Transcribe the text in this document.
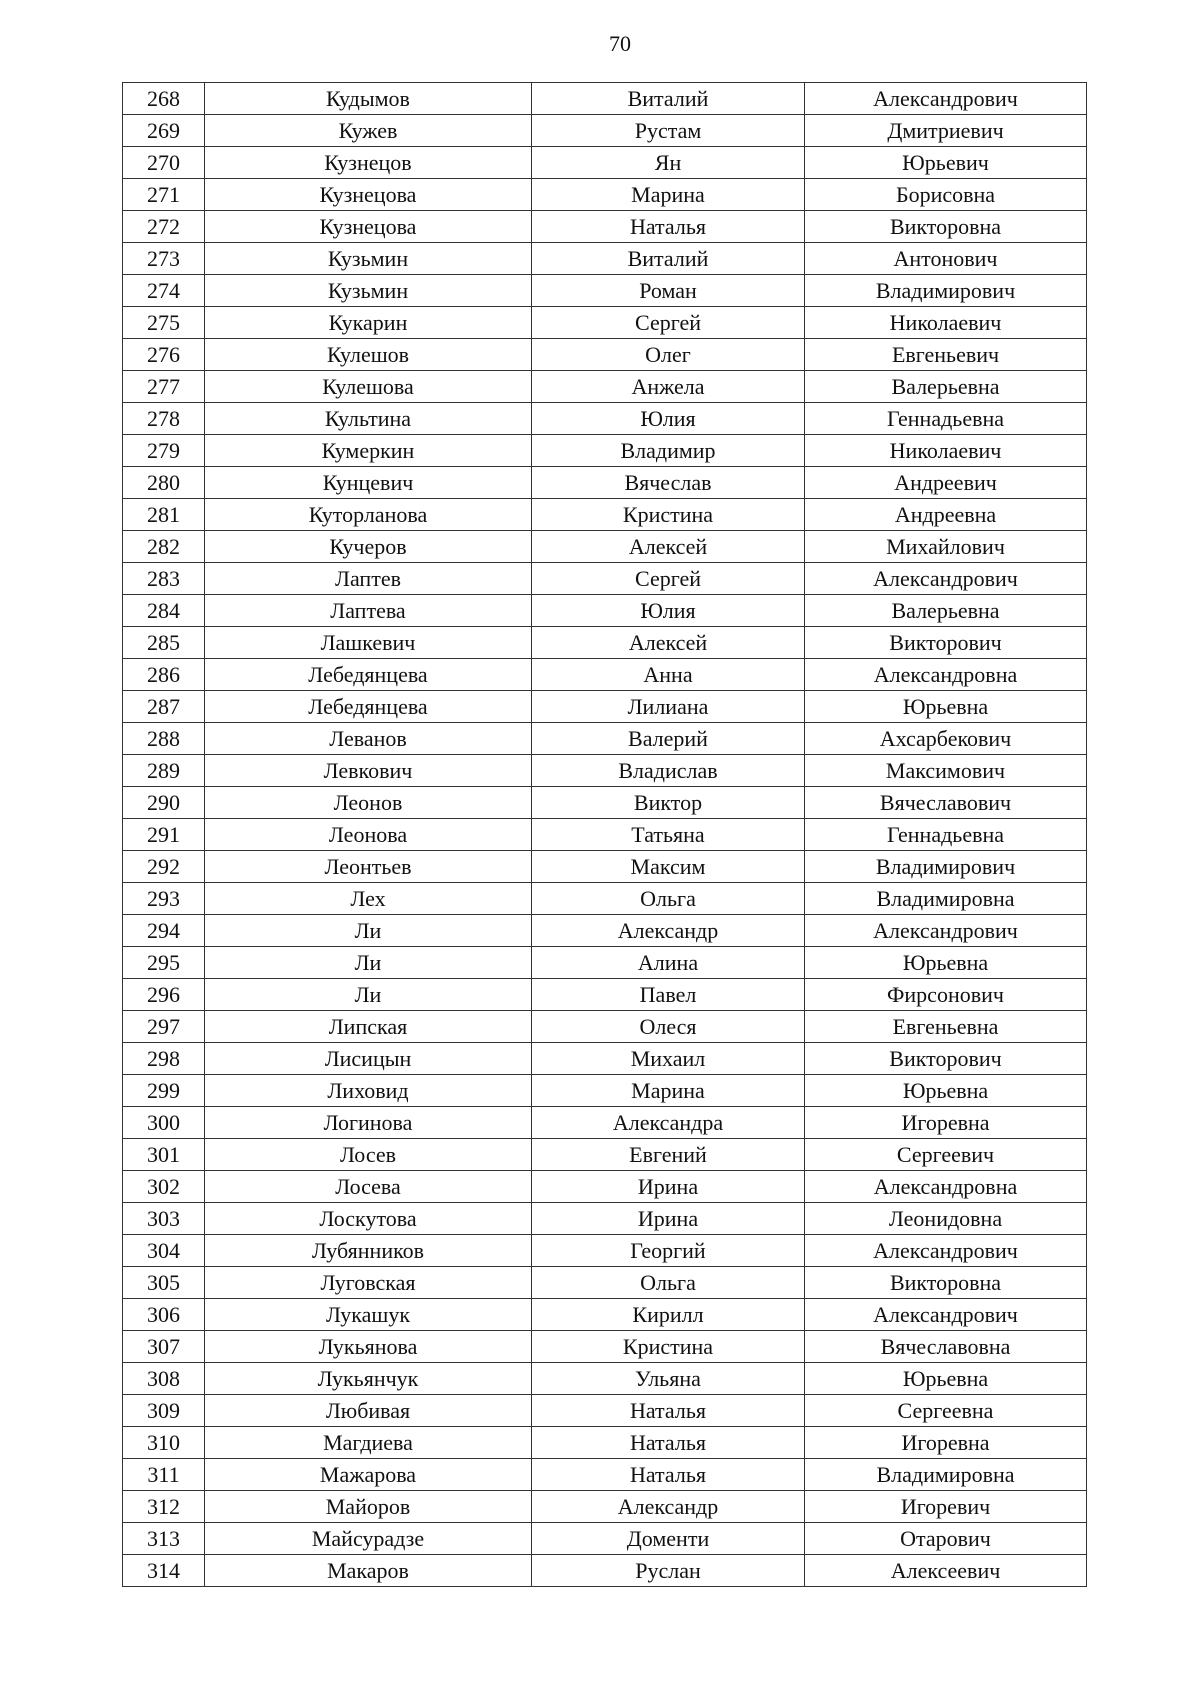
70
268	Кудымов	Виталий	Александрович
269	Кужев	Рустам	Дмитриевич
270	Кузнецов	Ян	Юрьевич
271	Кузнецова	Марина	Борисовна
272	Кузнецова	Наталья	Викторовна
273	Кузьмин	Виталий	Антонович
274	Кузьмин	Роман	Владимирович
275	Кукарин	Сергей	Николаевич
276	Кулешов	Олег	Евгеньевич
277	Кулешова	Анжела	Валерьевна
278	Культина	Юлия	Геннадьевна
279	Кумеркин	Владимир	Николаевич
280	Кунцевич	Вячеслав	Андреевич
281	Куторланова	Кристина	Андреевна
282	Кучеров	Алексей	Михайлович
283	Лаптев	Сергей	Александрович
284	Лаптева	Юлия	Валерьевна
285	Лашкевич	Алексей	Викторович
286	Лебедянцева	Анна	Александровна
287	Лебедянцева	Лилиана	Юрьевна
288	Леванов	Валерий	Ахсарбекович
289	Левкович	Владислав	Максимович
290	Леонов	Виктор	Вячеславович
291	Леонова	Татьяна	Геннадьевна
292	Леонтьев	Максим	Владимирович
293	Лех	Ольга	Владимировна
294	Ли	Александр	Александрович
295	Ли	Алина	Юрьевна
296	Ли	Павел	Фирсонович
297	Липская	Олеся	Евгеньевна
298	Лисицын	Михаил	Викторович
299	Лиховид	Марина	Юрьевна
300	Логинова	Александра	Игоревна
301	Лосев	Евгений	Сергеевич
302	Лосева	Ирина	Александровна
303	Лоскутова	Ирина	Леонидовна
304	Лубянников	Георгий	Александрович
305	Луговская	Ольга	Викторовна
306	Лукашук	Кирилл	Александрович
307	Лукьянова	Кристина	Вячеславовна
308	Лукьянчук	Ульяна	Юрьевна
309	Любивая	Наталья	Сергеевна
310	Магдиева	Наталья	Игоревна
311	Мажарова	Наталья	Владимировна
312	Майоров	Александр	Игоревич
313	Майсурадзе	Доменти	Отарович
314	Макаров	Руслан	Алексеевич
